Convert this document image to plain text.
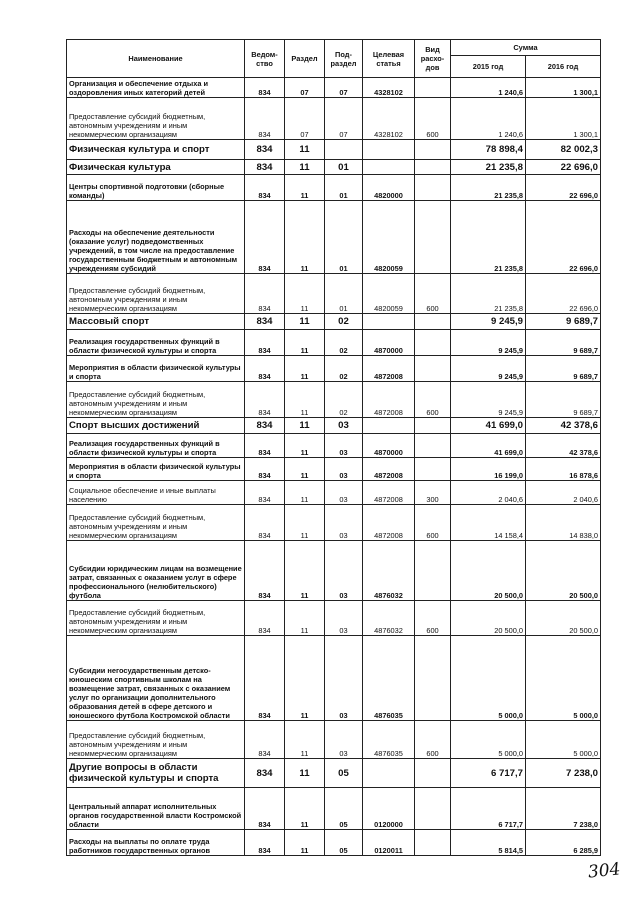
Наименование	Ведом-ство	Раздел	Под-раздел	Целевая статья	Вид расхо-дов	Сумма	
						2015 год	2016 год
Организация и обеспечение отдыха и оздоровления иных категорий детей	834	07	07	4328102		1 240,6	1 300,1
Предоставление субсидий бюджетным, автономным учреждениям и иным некоммерческим организациям	834	07	07	4328102	600	1 240,6	1 300,1
Физическая культура и спорт	834	11				78 898,4	82 002,3
Физическая культура	834	11	01			21 235,8	22 696,0
Центры спортивной подготовки (сборные команды)	834	11	01	4820000		21 235,8	22 696,0
Расходы на обеспечение деятельности (оказание услуг) подведомственных учреждений, в том числе на предоставление государственным бюджетным и автономным учреждениям субсидий	834	11	01	4820059		21 235,8	22 696,0
Предоставление субсидий бюджетным, автономным учреждениям и иным некоммерческим организациям	834	11	01	4820059	600	21 235,8	22 696,0
Массовый спорт	834	11	02			9 245,9	9 689,7
Реализация государственных функций в области физической культуры и спорта	834	11	02	4870000		9 245,9	9 689,7
Мероприятия в области физической культуры и спорта	834	11	02	4872008		9 245,9	9 689,7
Предоставление субсидий бюджетным, автономным учреждениям и иным некоммерческим организациям	834	11	02	4872008	600	9 245,9	9 689,7
Спорт высших достижений	834	11	03			41 699,0	42 378,6
Реализация государственных функций в области физической культуры и спорта	834	11	03	4870000		41 699,0	42 378,6
Мероприятия в области физической культуры и спорта	834	11	03	4872008		16 199,0	16 878,6
Социальное обеспечение и иные выплаты населению	834	11	03	4872008	300	2 040,6	2 040,6
Предоставление субсидий бюджетным, автономным учреждениям и иным некоммерческим организациям	834	11	03	4872008	600	14 158,4	14 838,0
Субсидии юридическим лицам на возмещение затрат, связанных с оказанием услуг в сфере профессионального (нелюбительского) футбола	834	11	03	4876032		20 500,0	20 500,0
Предоставление субсидий бюджетным, автономным учреждениям и иным некоммерческим организациям	834	11	03	4876032	600	20 500,0	20 500,0
Субсидии негосударственным детско-юношеским спортивным школам на возмещение затрат, связанных с оказанием услуг по организации дополнительного образования детей в сфере детского и юношеского футбола Костромской области	834	11	03	4876035		5 000,0	5 000,0
Предоставление субсидий бюджетным, автономным учреждениям и иным некоммерческим организациям	834	11	03	4876035	600	5 000,0	5 000,0
Другие вопросы в области физической культуры и спорта	834	11	05			6 717,7	7 238,0
Центральный аппарат исполнительных органов государственной власти Костромской области	834	11	05	0120000		6 717,7	7 238,0
Расходы на выплаты по оплате труда работников государственных органов	834	11	05	0120011		5 814,5	6 285,9
304
